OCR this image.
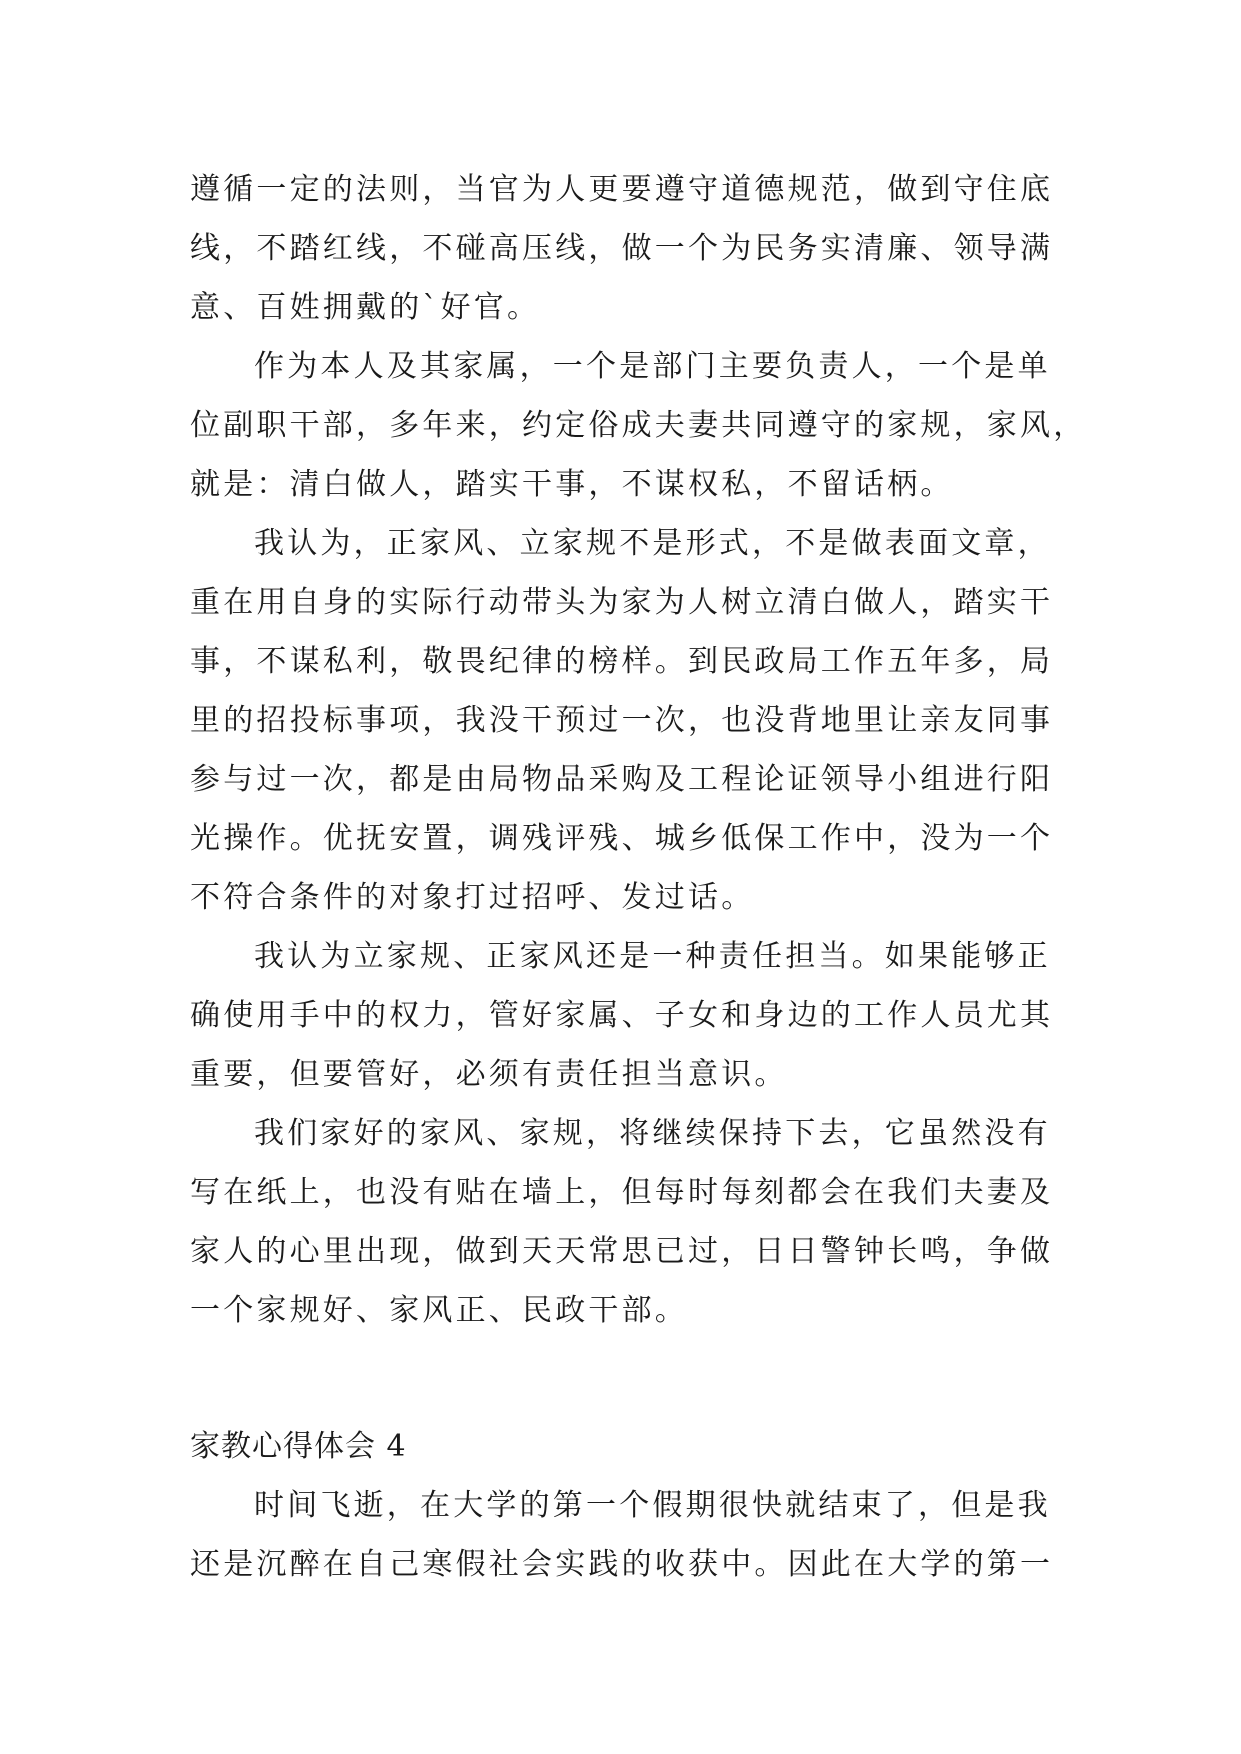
遵循一定的法则，当官为人更要遵守道德规范，做到守住底
线，不踏红线，不碰高压线，做一个为民务实清廉、领导满
意、百姓拥戴的`好官。
作为本人及其家属，一个是部门主要负责人，一个是单
位副职干部，多年来，约定俗成夫妻共同遵守的家规，家风，
就是：清白做人，踏实干事，不谋权私，不留话柄。
我认为，正家风、立家规不是形式，不是做表面文章，
重在用自身的实际行动带头为家为人树立清白做人，踏实干
事，不谋私利，敬畏纪律的榜样。到民政局工作五年多，局
里的招投标事项，我没干预过一次，也没背地里让亲友同事
参与过一次，都是由局物品采购及工程论证领导小组进行阳
光操作。优抚安置，调残评残、城乡低保工作中，没为一个
不符合条件的对象打过招呼、发过话。
我认为立家规、正家风还是一种责任担当。如果能够正
确使用手中的权力，管好家属、子女和身边的工作人员尤其
重要，但要管好，必须有责任担当意识。
我们家好的家风、家规，将继续保持下去，它虽然没有
写在纸上，也没有贴在墙上，但每时每刻都会在我们夫妻及
家人的心里出现，做到天天常思已过，日日警钟长鸣，争做
一个家规好、家风正、民政干部。
家教心得体会 4
时间飞逝，在大学的第一个假期很快就结束了，但是我
还是沉醉在自己寒假社会实践的收获中。因此在大学的第一
